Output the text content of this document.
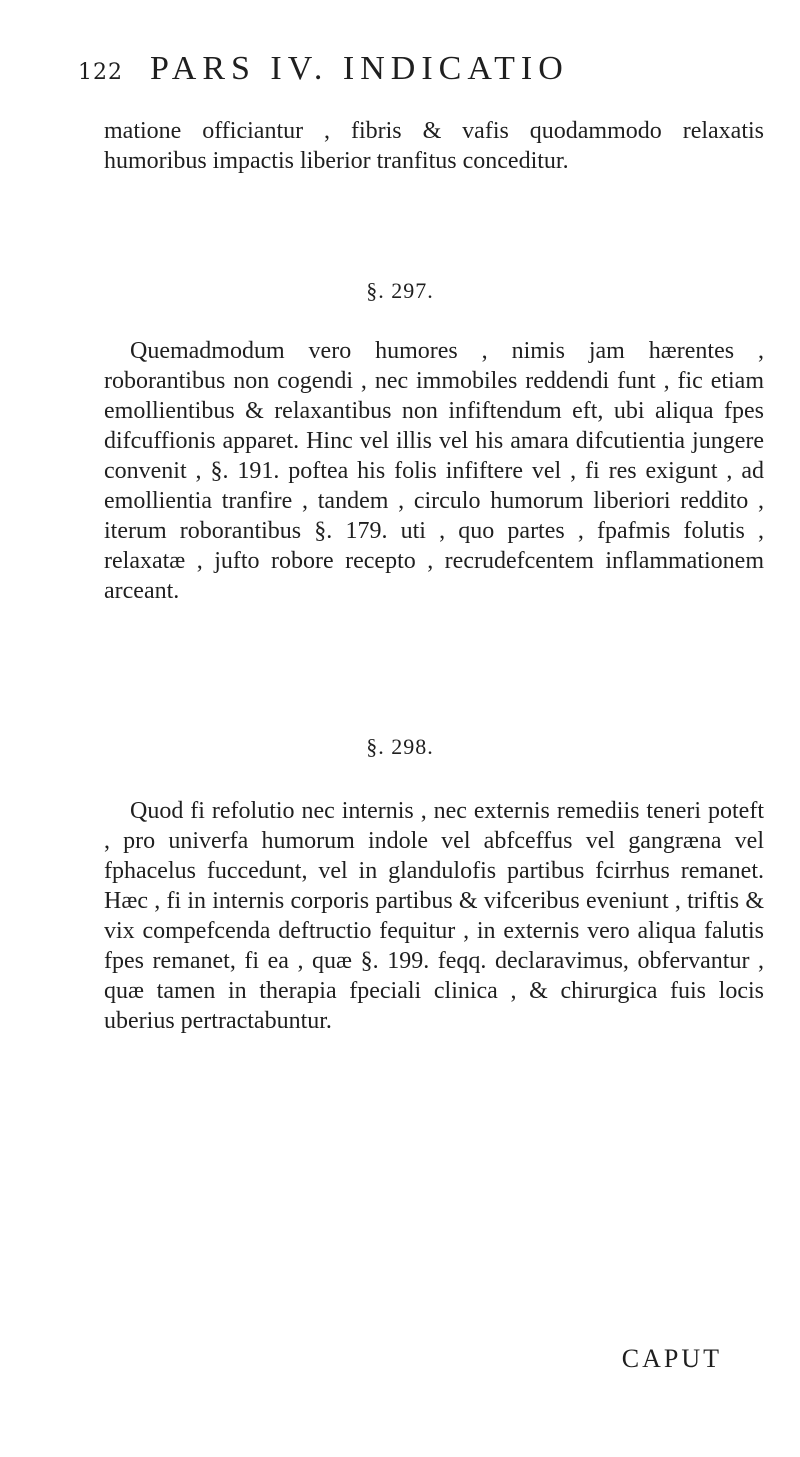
122 PARS IV. INDICATIO

matione officiantur , fibris & vafis quodammodo relaxatis humoribus impactis liberior tranfitus conceditur.

§. 297.

Quemadmodum vero humores , nimis jam hærentes , roborantibus non cogendi , nec immobiles reddendi funt , fic etiam emollientibus & relaxantibus non infiftendum eft, ubi aliqua fpes difcuffionis apparet. Hinc vel illis vel his amara difcutientia jungere convenit , §. 191. poftea his folis infiftere vel , fi res exigunt , ad emollientia tranfire , tandem , circulo humorum liberiori reddito , iterum roborantibus §. 179. uti , quo partes , fpafmis folutis , relaxatæ , jufto robore recepto , recrudefcentem inflammationem arceant.

§. 298.

Quod fi refolutio nec internis , nec externis remediis teneri poteft , pro univerfa humorum indole vel abfceffus vel gangræna vel fphacelus fuccedunt, vel in glandulofis partibus fcirrhus remanet. Hæc , fi in internis corporis partibus & vifceribus eveniunt , triftis & vix compefcenda deftructio fequitur , in externis vero aliqua falutis fpes remanet, fi ea , quæ §. 199. feqq. declaravimus, obfervantur , quæ tamen in therapia fpeciali clinica , & chirurgica fuis locis uberius pertractabuntur.

CAPUT
